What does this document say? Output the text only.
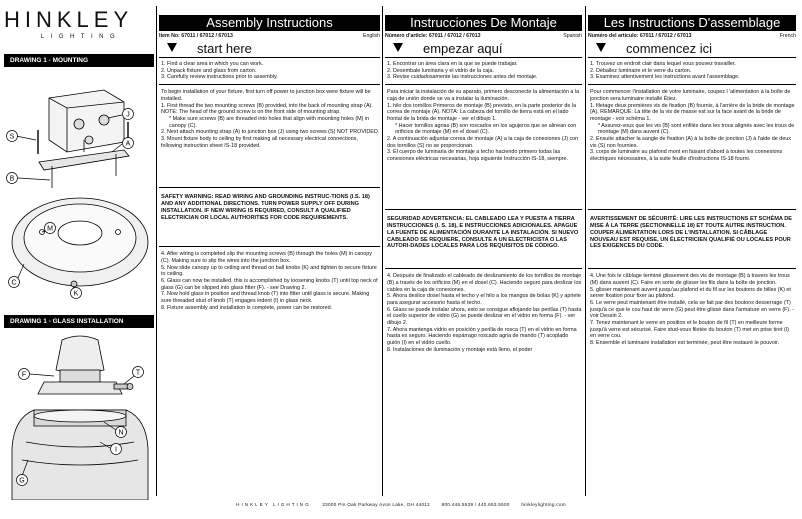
HINKLEY
LIGHTING
DRAWING 1 - MOUNTING
J
S
A
B
M
C
K
DRAWING 1 - GLASS INSTALLATION
F	T
N
I
G
Assembly Instructions
Item No: 67011 / 67012 / 67013	English
start here

1. Find a clear area in which you can work.

2. Unpack fixture and glass from carton.

3. Carefully review instructions prior to assembly.

To begin installation of your fixture, first turn off power to junction box were fixture will be installed.

1. First thread the two mounting screws (B) provided, into the back of mounting strap (A). NOTE: The head of the ground screw is on the front side of mounting strap.

* Make sure screws (B) are threaded into holes that align with mounting holes (M) in canopy (C).

2. Next attach mounting strap (A) to junction box (J) using two screws (S) NOT PROVIDED.

3. Mount fixture body to ceiling by first making all necessary electrical connections, following instruction sheet IS-18 provided.

SAFETY WARNING: READ WIRING AND GROUNDING INSTRUC-TIONS (I.S. 18) AND ANY ADDITIONAL DIRECTIONS. TURN POWER SUPPLY OFF DURING INSTALLATION. IF NEW WIRING IS REQUIRED, CONSULT A QUALIFIED ELECTRICIAN OR LOCAL AUTHORITIES FOR CODE REQUIREMENTS.

4. After wiring is completed slip the mounting screws (B) through the holes (M) in canopy (C). Making sure to slip the wires into the junction box.

5. Now slide canopy up to ceiling and thread on ball knobs (K) and tighten to secure fixture to ceiling.

6. Glass can now be installed, this is accomplished by loosening knobs (T) until top neck of glass (G) can be slipped into glass fitter (F). - see Drawing 2.

7. Now hold glass in position and thread knob (T) into fitter until glass is secure. Making sure threaded stud of knob (T) engages indent (I) in glass neck.

8. Fixture assembly and installation is complete, power can be restored.

Instrucciones De Montaje
Número d'article: 67011 / 67012 / 67013	Spanish
empezar aquí

1. Encontrar un área clara en la que se puede trabajar.

2. Desembale luminaria y el vidrio de la caja.

3. Revise cuidadosamente las instrucciones antes del montaje.

Para iniciar la instalación de su aparato, primero desconecte la alimentación a la caja de unión donde se va a instalar la iluminación.

1. hilo dos tornillos Primeros de montaje (B) previsto, en la parte posterior de la correa de montaje (A). NOTA: La cabeza del tornillo de tierra está en el lado frontal de la brida de montaje - ver el dibujo 1.

* Hacer tornillos agrias (B) son roscados en los agujeros que se alinean con orificios de montaje (M) en el dosel (C).

2. A continuación adjuntar correa de montaje (A) a la caja de conexiones (J) con dos tornillos (S) no se proporcionan.

3. El cuerpo de luminaria de montaje a techo haciendo primero todas las conexiones eléctricas necesarias, hoja siguiente Instrucción IS-18, siempre.

SEGURIDAD ADVERTENCIA: EL CABLEADO LEA Y PUESTA A TIERRA INSTRUCCIONES (I. S. 18), E INSTRUCCIONES ADICIONALES. APAGUE LA FUENTE DE ALIMENTACIÓN DURANTE LA INSTALACIÓN. SI NUEVO CABLEADO SE REQUIERE, CONSULTE A UN ELECTRICISTA O LAS AUTORI-DADES LOCALES PARA LOS REQUISITOS DE CÓDIGO.

4. Después de finalizado el cableado de deslizamiento de los tornillos de montaje (B) a través de los orificios (M) en el dosel (C). Haciendo seguro para deslizar los cables en la caja de conexiones.

5. Ahora deslice dosel hasta el techo y el hilo a los mangos de bolas (K) y apriete para asegurar accesorio hasta el techo.

6. Glass se puede instalar ahora, esto se consigue aflojando las perillas (T) hasta el cuello superior de vidrio (G) se puede deslizar en el vidrio en forma (F). - ver dibujo 2.

7. Ahora mantenga vidrio en posición y perilla de rosca (T) en el vidrio en forma hasta es seguro. Haciendo espárrago roscado agria de mando (T) acoplado guión (I) en el vidrio cuello.

8. Instalaciones de iluminación y montaje está lleno, el poder

Les Instructions D'assemblage
Numéro del artículo: 67011 / 67012 / 67013	French
commencez ici

1. Trouvez un endroit clair dans lequel vous pouvez travailler.

2. Déballez luminaire et le verre du carton.

3. Examinez attentivement les instructions avant l'assemblage.

Pour commencer l'installation de votre luminaire, coupez l 'alimentation à la boîte de jonction sera luminaire installé Étiez.

1. filetage deux premières vis de fixation (B) fournis, à l'arrière de la bride de montage (A). REMARQUE: La tête de la vis de masse est sur la face avant de la bride de montage - voir schéma 1.

* Assurez-vous que les vis (B) sont enfilés dans les trous alignés avec les trous de montage (M) dans auvent (C).

2. Ensuite attacher la sangle de fixation (A) à la boîte de jonction (J) à l'aide de deux vis (S) non fournies.

3. corps de luminaire au plafond mont en faisant d'abord à toutes les connexions électriques nécessaires, à la suite feuille d'instructions IS-18 fourni.

AVERTISSEMENT DE SÉCURITÉ: LIRE LES INSTRUCTIONS ET SCHÉMA DE MISE À LA TERRE (SECTIONNELLE 18) ET TOUTE AUTRE INSTRUCTION. COUPER ALIMENTATION LORS DE L'INSTALLATION. SI CÂBLAGE NOUVEAU EST REQUISE, UN ÉLECTRICIEN QUALIFIÉ OU LOCALES POUR LES EXIGENCES DU CODE.

4. Une fois le câblage terminé glissement des vis de montage (B) à travers les trous (M) dans auvent (C). Faire en sorte de glisser les fils dans la boîte de jonction.

5. glisser maintenant auvent jusqu'au plafond et du fil sur les boutons de billes (K) et serrer fixation pour fixer au plafond.

6. Le verre peut maintenant être installé, cela se fait par des boutons desserrage (T) jusqu'à ce que le cou haut de verre (G) peut être glissé dans l'armature en verre (F). - voir Dessin 2.

7. Tenez maintenant le verre en position et le bouton de fil (T) en meilleure forme jusqu'à verre est sécurisé. Faire stud-vous filetée du bouton (T) met en prise tiret (I) en verre cou.

8. Ensemble et luminaire installation est terminée, peut être restauré le pouvoir.

HINKLEY LIGHTING	33000 Pin Oak Parkway Avon Lake, OH 44012	800.446.5539 / 440.653.5500	hinkleylighting.com
